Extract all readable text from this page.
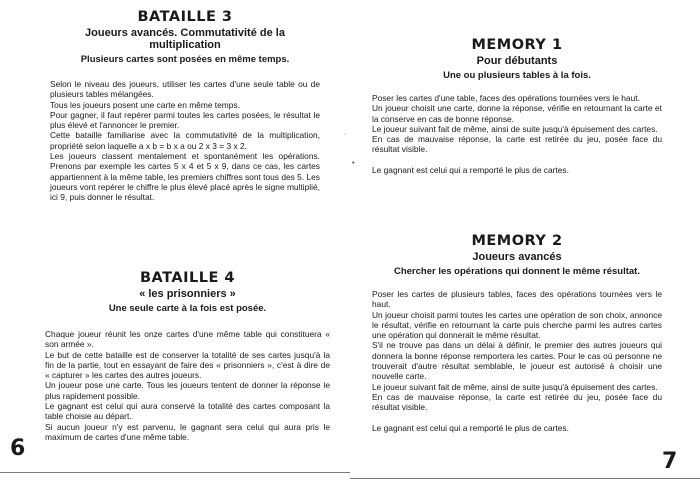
BATAILLE 3
Joueurs avancés. Commutativité de la multiplication
Plusieurs cartes sont posées en même temps.

Selon le niveau des joueurs, utiliser les cartes d'une seule table ou de plusieurs tables mélangées.

Tous les joueurs posent une carte en même temps.

Pour gagner, il faut repérer parmi toutes les cartes posées, le résultat le plus élevé et l'annoncer le premier.

Cette bataille familiarise avec la commutativité de la multiplication, propriété selon laquelle a x b = b x a ou 2 x 3 = 3 x 2.

Les joueurs classent mentalement et spontanément les opérations. Prenons par exemple les cartes 5 x 4 et 5 x 9, dans ce cas, les cartes appartiennent à la même table, les premiers chiffres sont tous des 5. Les joueurs vont repérer le chiffre le plus élevé placé après le signe multiplié, ici 9, puis donner le résultat.

BATAILLE 4
« les prisonniers »
Une seule carte à la fois est posée.

Chaque joueur réunit les onze cartes d'une même table qui constituera « son armée ».

Le but de cette bataille est de conserver la totalité de ses cartes jusqu'à la fin de la partie, tout en essayant de faire des « prisonniers », c'est à dire de « capturer » les cartes des autres joueurs.

Un joueur pose une carte. Tous les joueurs tentent de donner la réponse le plus rapidement possible.

Le gagnant est celui qui aura conservé la totalité des cartes composant la table choisie au départ.

Si aucun joueur n'y est parvenu, le gagnant sera celui qui aura pris le maximum de cartes d'une même table.

6
·
•
MEMORY 1
Pour débutants
Une ou plusieurs tables à la fois.

Poser les cartes d'une table, faces des opérations tournées vers le haut.

Un joueur choisit une carte, donne la réponse, vérifie en retournant la carte et la conserve en cas de bonne réponse.

Le joueur suivant fait de même, ainsi de suite jusqu'à épuisement des cartes.

En cas de mauvaise réponse, la carte est retirée du jeu, posée face du résultat visible.

Le gagnant est celui qui a remporté le plus de cartes.

MEMORY 2
Joueurs avancés
Chercher les opérations qui donnent le même résultat.

Poser les cartes de plusieurs tables, faces des opérations tournées vers le haut.

Un joueur choisit parmi toutes les cartes une opération de son choix, annonce le résultat, vérifie en retournant la carte puis cherche parmi les autres cartes une opération qui donnerait le même résultat.

S'il ne trouve pas dans un délai à définir, le premier des autres joueurs qui donnera la bonne réponse remportera les cartes. Pour le cas où personne ne trouverait d'autre résultat semblable, le joueur est autorisé à choisir une nouvelle carte.

Le joueur suivant fait de même, ainsi de suite jusqu'à épuisement des cartes.

En cas de mauvaise réponse, la carte est retirée du jeu, posée face du résultat visible.

Le gagnant est celui qui a remporté le plus de cartes.

7
